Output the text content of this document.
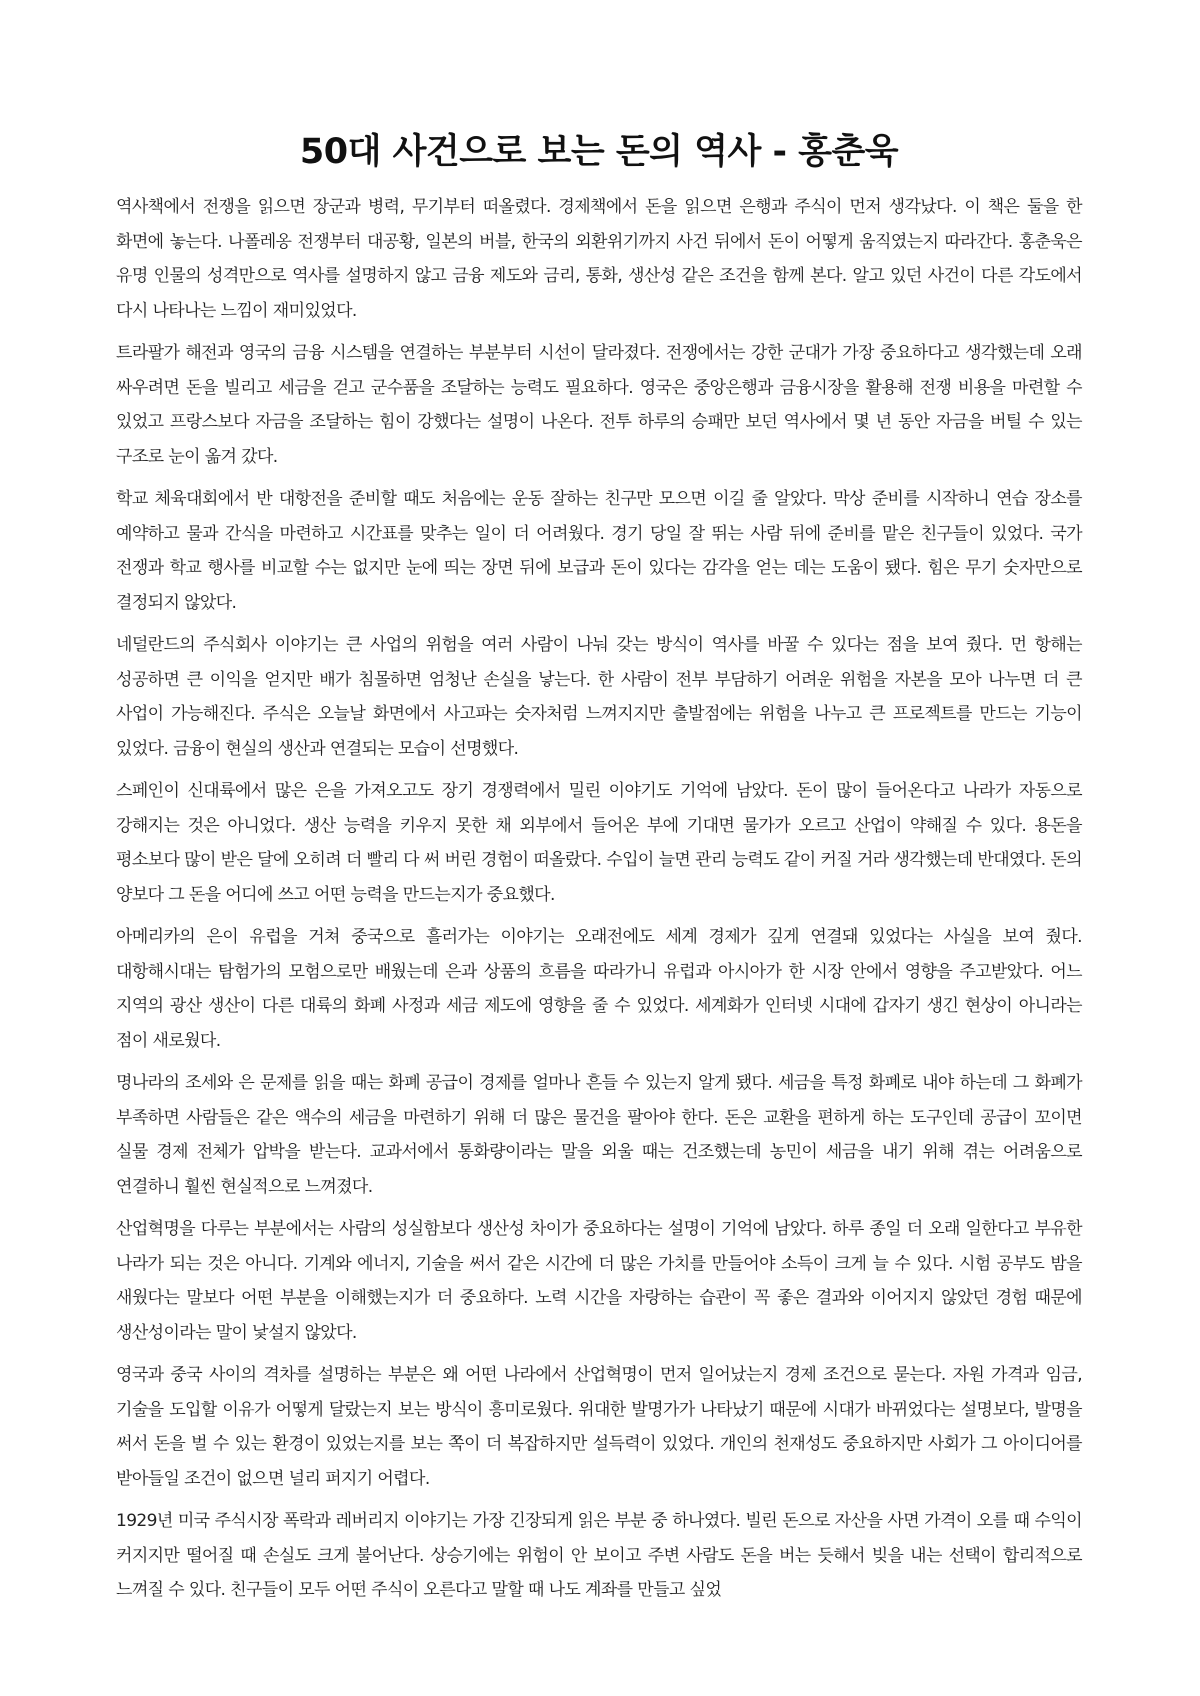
50대 사건으로 보는 돈의 역사 - 홍춘욱

역사책에서 전쟁을 읽으면 장군과 병력, 무기부터 떠올렸다. 경제책에서 돈을 읽으면 은행과 주식이 먼저 생각났다. 이 책은 둘을 한 화면에 놓는다. 나폴레옹 전쟁부터 대공황, 일본의 버블, 한국의 외환위기까지 사건 뒤에서 돈이 어떻게 움직였는지 따라간다. 홍춘욱은 유명 인물의 성격만으로 역사를 설명하지 않고 금융 제도와 금리, 통화, 생산성 같은 조건을 함께 본다. 알고 있던 사건이 다른 각도에서 다시 나타나는 느낌이 재미있었다.

트라팔가 해전과 영국의 금융 시스템을 연결하는 부분부터 시선이 달라졌다. 전쟁에서는 강한 군대가 가장 중요하다고 생각했는데 오래 싸우려면 돈을 빌리고 세금을 걷고 군수품을 조달하는 능력도 필요하다. 영국은 중앙은행과 금융시장을 활용해 전쟁 비용을 마련할 수 있었고 프랑스보다 자금을 조달하는 힘이 강했다는 설명이 나온다. 전투 하루의 승패만 보던 역사에서 몇 년 동안 자금을 버틸 수 있는 구조로 눈이 옮겨 갔다.

학교 체육대회에서 반 대항전을 준비할 때도 처음에는 운동 잘하는 친구만 모으면 이길 줄 알았다. 막상 준비를 시작하니 연습 장소를 예약하고 물과 간식을 마련하고 시간표를 맞추는 일이 더 어려웠다. 경기 당일 잘 뛰는 사람 뒤에 준비를 맡은 친구들이 있었다. 국가 전쟁과 학교 행사를 비교할 수는 없지만 눈에 띄는 장면 뒤에 보급과 돈이 있다는 감각을 얻는 데는 도움이 됐다. 힘은 무기 숫자만으로 결정되지 않았다.

네덜란드의 주식회사 이야기는 큰 사업의 위험을 여러 사람이 나눠 갖는 방식이 역사를 바꿀 수 있다는 점을 보여 줬다. 먼 항해는 성공하면 큰 이익을 얻지만 배가 침몰하면 엄청난 손실을 낳는다. 한 사람이 전부 부담하기 어려운 위험을 자본을 모아 나누면 더 큰 사업이 가능해진다. 주식은 오늘날 화면에서 사고파는 숫자처럼 느껴지지만 출발점에는 위험을 나누고 큰 프로젝트를 만드는 기능이 있었다. 금융이 현실의 생산과 연결되는 모습이 선명했다.

스페인이 신대륙에서 많은 은을 가져오고도 장기 경쟁력에서 밀린 이야기도 기억에 남았다. 돈이 많이 들어온다고 나라가 자동으로 강해지는 것은 아니었다. 생산 능력을 키우지 못한 채 외부에서 들어온 부에 기대면 물가가 오르고 산업이 약해질 수 있다. 용돈을 평소보다 많이 받은 달에 오히려 더 빨리 다 써 버린 경험이 떠올랐다. 수입이 늘면 관리 능력도 같이 커질 거라 생각했는데 반대였다. 돈의 양보다 그 돈을 어디에 쓰고 어떤 능력을 만드는지가 중요했다.

아메리카의 은이 유럽을 거쳐 중국으로 흘러가는 이야기는 오래전에도 세계 경제가 깊게 연결돼 있었다는 사실을 보여 줬다. 대항해시대는 탐험가의 모험으로만 배웠는데 은과 상품의 흐름을 따라가니 유럽과 아시아가 한 시장 안에서 영향을 주고받았다. 어느 지역의 광산 생산이 다른 대륙의 화폐 사정과 세금 제도에 영향을 줄 수 있었다. 세계화가 인터넷 시대에 갑자기 생긴 현상이 아니라는 점이 새로웠다.

명나라의 조세와 은 문제를 읽을 때는 화폐 공급이 경제를 얼마나 흔들 수 있는지 알게 됐다. 세금을 특정 화폐로 내야 하는데 그 화폐가 부족하면 사람들은 같은 액수의 세금을 마련하기 위해 더 많은 물건을 팔아야 한다. 돈은 교환을 편하게 하는 도구인데 공급이 꼬이면 실물 경제 전체가 압박을 받는다. 교과서에서 통화량이라는 말을 외울 때는 건조했는데 농민이 세금을 내기 위해 겪는 어려움으로 연결하니 훨씬 현실적으로 느껴졌다.

산업혁명을 다루는 부분에서는 사람의 성실함보다 생산성 차이가 중요하다는 설명이 기억에 남았다. 하루 종일 더 오래 일한다고 부유한 나라가 되는 것은 아니다. 기계와 에너지, 기술을 써서 같은 시간에 더 많은 가치를 만들어야 소득이 크게 늘 수 있다. 시험 공부도 밤을 새웠다는 말보다 어떤 부분을 이해했는지가 더 중요하다. 노력 시간을 자랑하는 습관이 꼭 좋은 결과와 이어지지 않았던 경험 때문에 생산성이라는 말이 낯설지 않았다.

영국과 중국 사이의 격차를 설명하는 부분은 왜 어떤 나라에서 산업혁명이 먼저 일어났는지 경제 조건으로 묻는다. 자원 가격과 임금, 기술을 도입할 이유가 어떻게 달랐는지 보는 방식이 흥미로웠다. 위대한 발명가가 나타났기 때문에 시대가 바뀌었다는 설명보다, 발명을 써서 돈을 벌 수 있는 환경이 있었는지를 보는 쪽이 더 복잡하지만 설득력이 있었다. 개인의 천재성도 중요하지만 사회가 그 아이디어를 받아들일 조건이 없으면 널리 퍼지기 어렵다.

1929년 미국 주식시장 폭락과 레버리지 이야기는 가장 긴장되게 읽은 부분 중 하나였다. 빌린 돈으로 자산을 사면 가격이 오를 때 수익이 커지지만 떨어질 때 손실도 크게 불어난다. 상승기에는 위험이 안 보이고 주변 사람도 돈을 버는 듯해서 빚을 내는 선택이 합리적으로 느껴질 수 있다. 친구들이 모두 어떤 주식이 오른다고 말할 때 나도 계좌를 만들고 싶었
